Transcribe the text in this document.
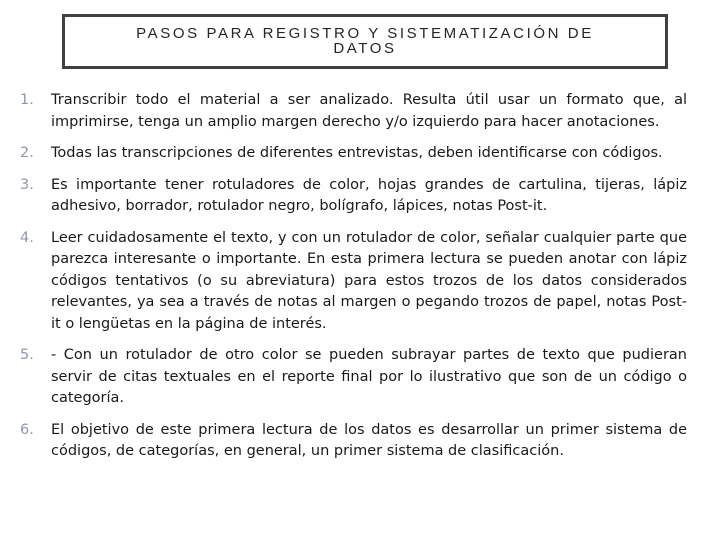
PASOS PARA REGISTRO Y SISTEMATIZACIÓN DE
DATOS
1. Transcribir todo el material a ser analizado. Resulta útil usar un formato que, al imprimirse, tenga un amplio margen derecho y/o izquierdo para hacer anotaciones.
2. Todas las transcripciones de diferentes entrevistas, deben identificarse con códigos.
3. Es importante tener rotuladores de color, hojas grandes de cartulina, tijeras, lápiz adhesivo, borrador, rotulador negro, bolígrafo, lápices, notas Post-it.
4. Leer cuidadosamente el texto, y con un rotulador de color, señalar cualquier parte que parezca interesante o importante. En esta primera lectura se pueden anotar con lápiz códigos tentativos (o su abreviatura) para estos trozos de los datos considerados relevantes, ya sea a través de notas al margen o pegando trozos de papel, notas Post-it o lengüetas en la página de interés.
5. - Con un rotulador de otro color se pueden subrayar partes de texto que pudieran servir de citas textuales en el reporte final por lo ilustrativo que son de un código o categoría.
6. El objetivo de este primera lectura de los datos es desarrollar un primer sistema de códigos, de categorías, en general, un primer sistema de clasificación.
